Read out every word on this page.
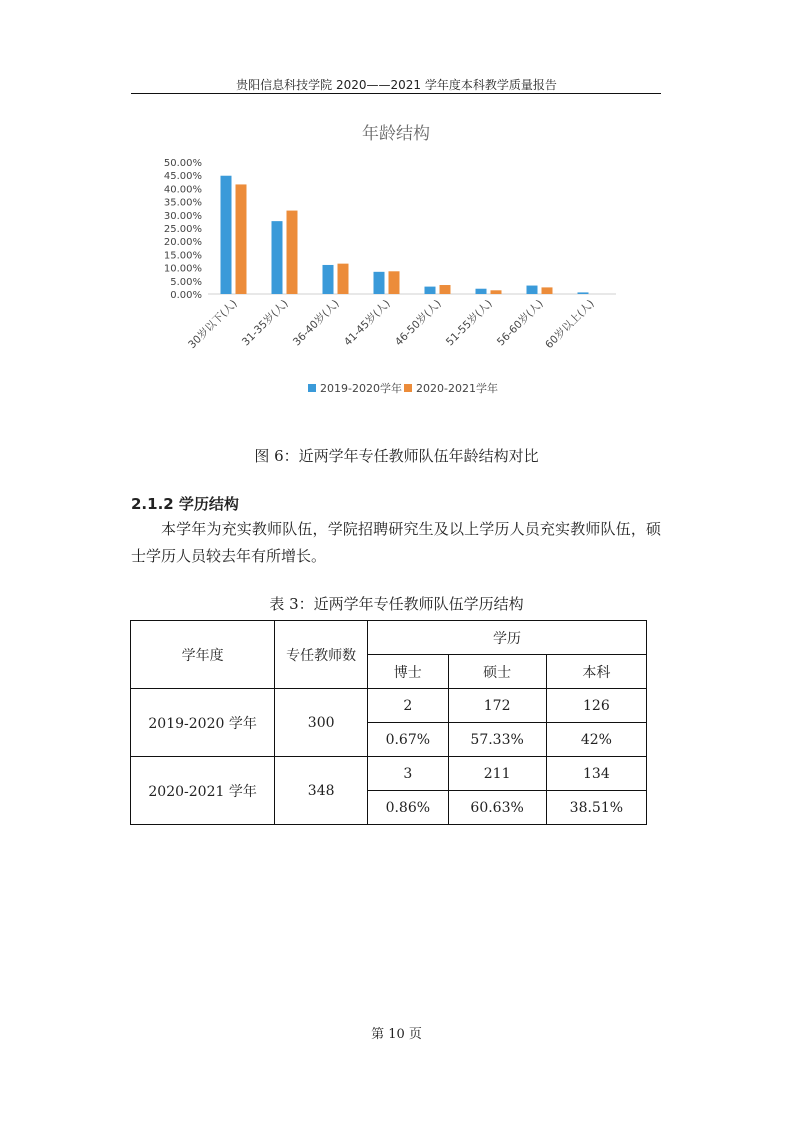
贵阳信息科技学院 2020——2021 学年度本科教学质量报告
年龄结构
50.00%
45.00%
40.00%
35.00%
30.00%
25.00%
20.00%
15.00%
10.00%
5.00%
0.00%
30岁以下(人) 31-35岁(人) 36-40岁(人) 41-45岁(人) 46-50岁(人) 51-55岁(人) 56-60岁(人)
60岁以上(人)
2019-2020学年 2020-2021学年
图 6：近两学年专任教师队伍年龄结构对比
2.1.2 学历结构
本学年为充实教师队伍，学院招聘研究生及以上学历人员充实教师队伍，硕士学历人员较去年有所增长。
表 3：近两学年专任教师队伍学历结构
学年度	专任教师数	学历		
		博士	硕士	本科
2019-2020 学年	300	2	172	126
		0.67%	57.33%	42%
2020-2021 学年	348	3	211	134
		0.86%	60.63%	38.51%
第 10 页
